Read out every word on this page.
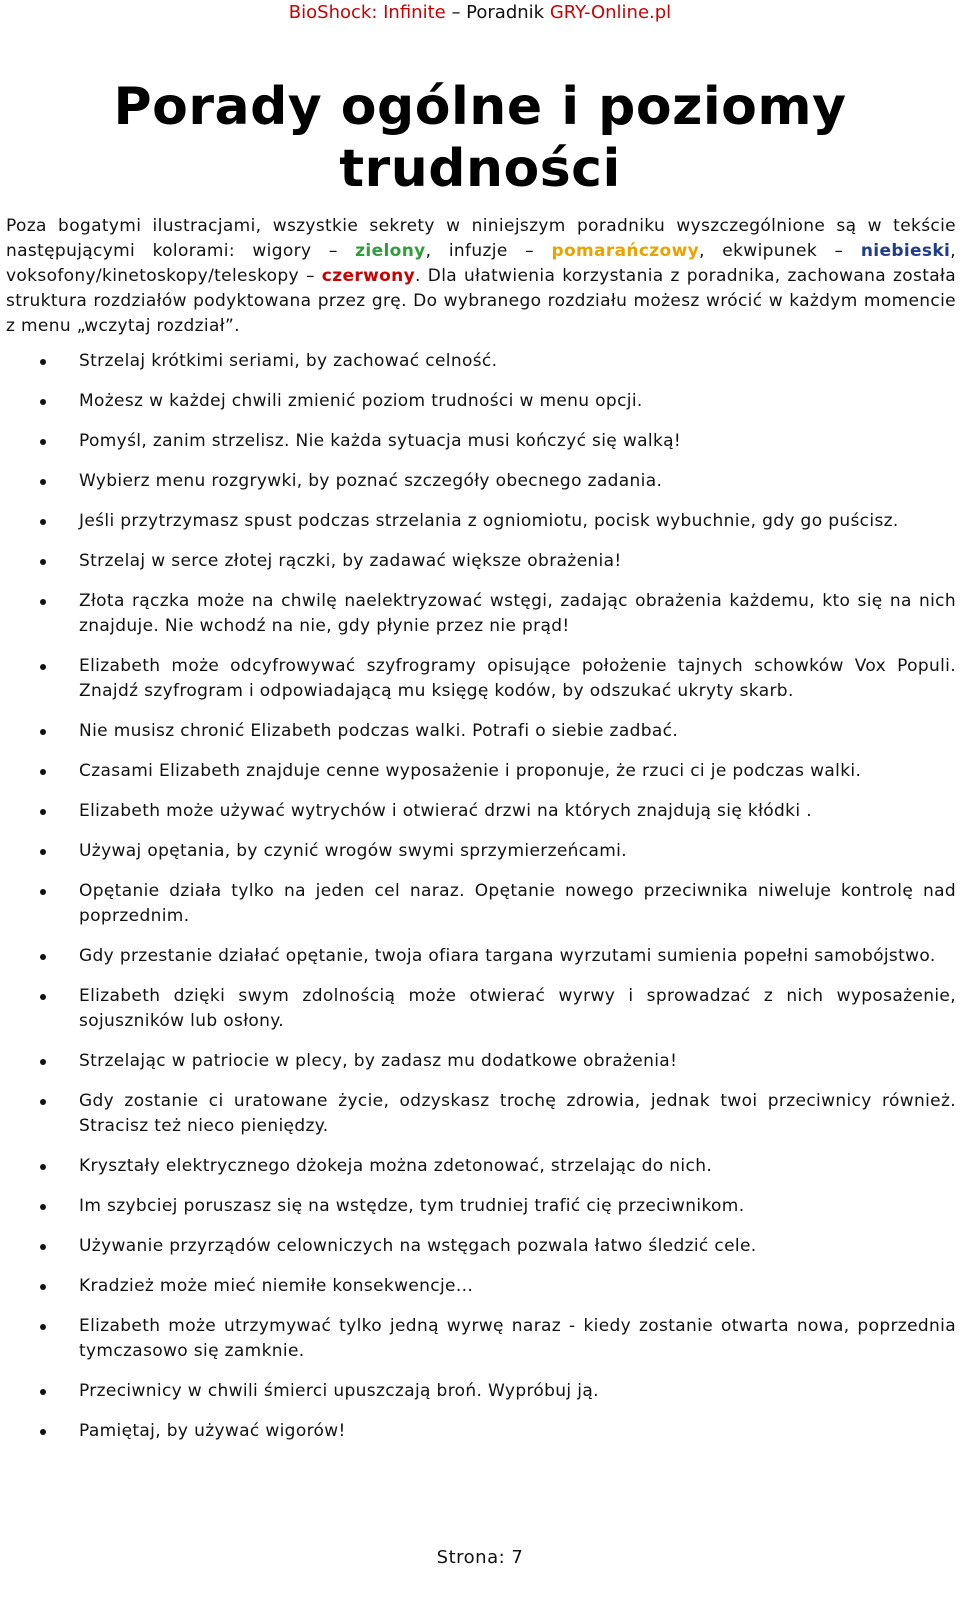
BioShock: Infinite – Poradnik GRY-Online.pl
Porady ogólne i poziomy
trudności
Poza bogatymi ilustracjami, wszystkie sekrety w niniejszym poradniku wyszczególnione są w tekście następującymi kolorami: wigory – zielony, infuzje – pomarańczowy, ekwipunek – niebieski, voksofony/kinetoskopy/teleskopy – czerwony. Dla ułatwienia korzystania z poradnika, zachowana została struktura rozdziałów podyktowana przez grę. Do wybranego rozdziału możesz wrócić w każdym momencie z menu „wczytaj rozdział”.
Strzelaj krótkimi seriami, by zachować celność.
Możesz w każdej chwili zmienić poziom trudności w menu opcji.
Pomyśl, zanim strzelisz. Nie każda sytuacja musi kończyć się walką!
Wybierz menu rozgrywki, by poznać szczegóły obecnego zadania.
Jeśli przytrzymasz spust podczas strzelania z ogniomiotu, pocisk wybuchnie, gdy go puścisz.
Strzelaj w serce złotej rączki, by zadawać większe obrażenia!
Złota rączka może na chwilę naelektryzować wstęgi, zadając obrażenia każdemu, kto się na nich znajduje. Nie wchodź na nie, gdy płynie przez nie prąd!
Elizabeth może odcyfrowywać szyfrogramy opisujące położenie tajnych schowków Vox Populi. Znajdź szyfrogram i odpowiadającą mu księgę kodów, by odszukać ukryty skarb.
Nie musisz chronić Elizabeth podczas walki. Potrafi o siebie zadbać.
Czasami Elizabeth znajduje cenne wyposażenie i proponuje, że rzuci ci je podczas walki.
Elizabeth może używać wytrychów i otwierać drzwi na których znajdują się kłódki .
Używaj opętania, by czynić wrogów swymi sprzymierzeńcami.
Opętanie działa tylko na jeden cel naraz. Opętanie nowego przeciwnika niweluje kontrolę nad poprzednim.
Gdy przestanie działać opętanie, twoja ofiara targana wyrzutami sumienia popełni samobójstwo.
Elizabeth dzięki swym zdolnością może otwierać wyrwy i sprowadzać z nich wyposażenie, sojuszników lub osłony.
Strzelając w patriocie w plecy, by zadasz mu dodatkowe obrażenia!
Gdy zostanie ci uratowane życie, odzyskasz trochę zdrowia, jednak twoi przeciwnicy również. Stracisz też nieco pieniędzy.
Kryształy elektrycznego dżokeja można zdetonować, strzelając do nich.
Im szybciej poruszasz się na wstędze, tym trudniej trafić cię przeciwnikom.
Używanie przyrządów celowniczych na wstęgach pozwala łatwo śledzić cele.
Kradzież może mieć niemiłe konsekwencje...
Elizabeth może utrzymywać tylko jedną wyrwę naraz - kiedy zostanie otwarta nowa, poprzednia tymczasowo się zamknie.
Przeciwnicy w chwili śmierci upuszczają broń. Wypróbuj ją.
Pamiętaj, by używać wigorów!
Strona: 7
